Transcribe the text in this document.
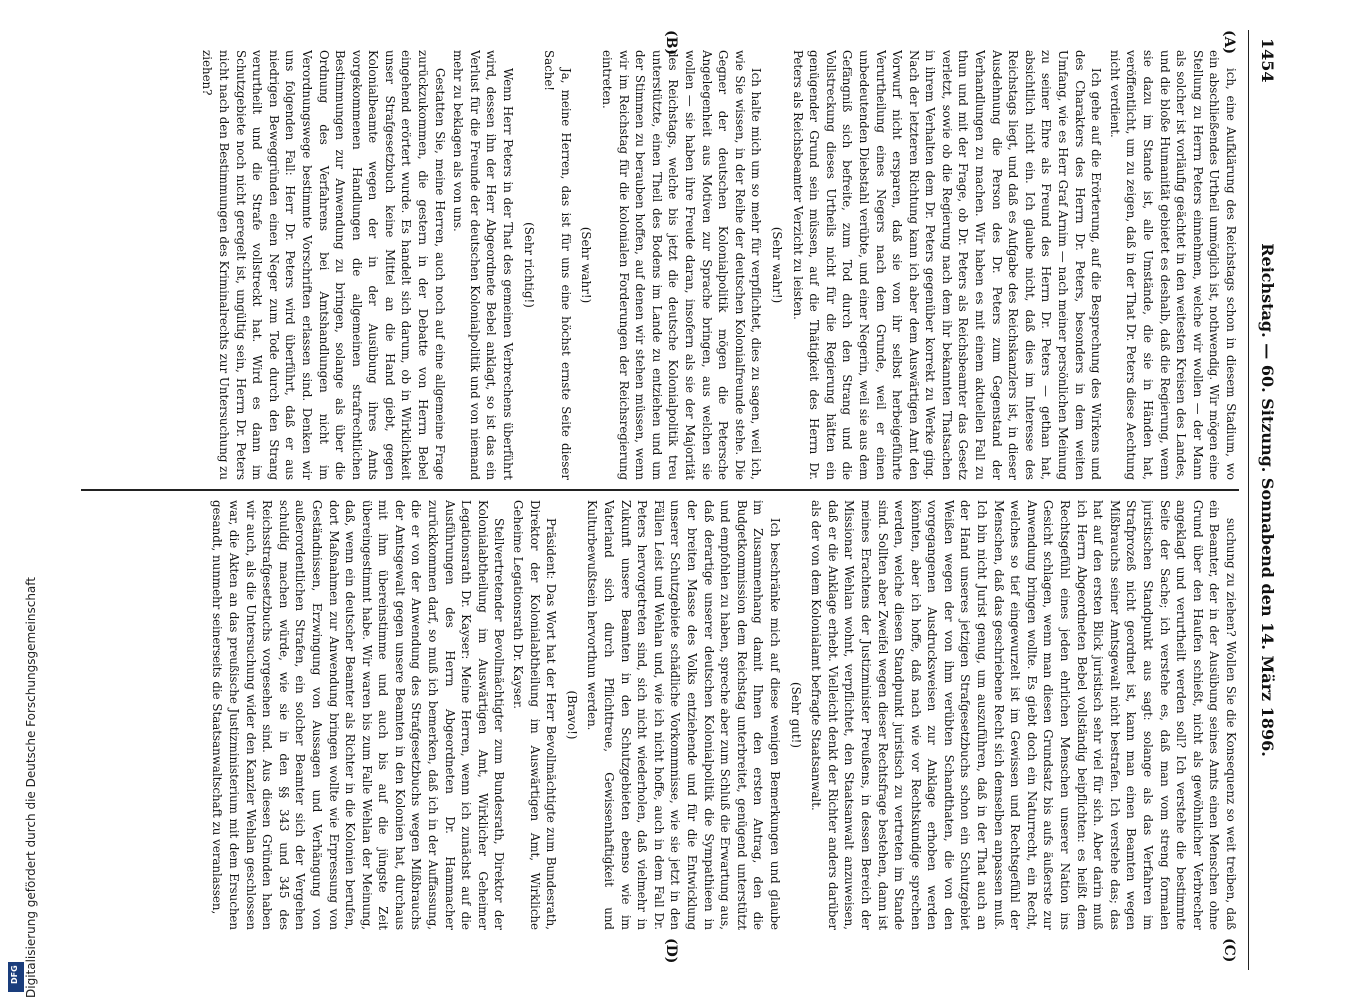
1454
Reichstag. — 60. Sitzung. Sonnabend den 14. März 1896.
(A)
(B)
(C)
(D)

ich, eine Aufklärung des Reichstags schon in diesem Stadium, wo ein abschließendes Urtheil unmöglich ist, nothwendig. Wir mögen eine Stellung zu Herrn Peters einnehmen, welche wir wollen — der Mann als solcher ist vorläufig geächtet in den weitesten Kreisen des Landes, und die bloße Humanität gebietet es deshalb, daß die Regierung, wenn sie dazu im Stande ist, alle Umstände, die sie in Händen hat, veröffentlicht, um zu zeigen, daß in der That Dr. Peters diese Aechtung nicht verdient.

Ich gehe auf die Erörterung, auf die Besprechung des Wirkens und des Charakters des Herrn Dr. Peters, besonders in dem weiten Umfang, wie es Herr Graf Arnim — nach meiner persönlichen Meinung zu seiner Ehre als Freund des Herrn Dr. Peters — gethan hat, absichtlich nicht ein. Ich glaube nicht, daß dies im Interesse des Reichstags liegt, und daß es Aufgabe des Reichskanzlers ist, in dieser Ausdehnung die Person des Dr. Peters zum Gegenstand der Verhandlungen zu machen. Wir haben es mit einem aktuellen Fall zu thun und mit der Frage, ob Dr. Peters als Reichsbeamter das Gesetz verletzt, sowie ob die Regierung nach dem ihr bekannten Thatsachen in ihrem Verhalten dem Dr. Peters gegenüber korrekt zu Werke ging. Nach der letzteren Richtung kann ich aber dem Auswärtigen Amt den Vorwurf nicht ersparen, daß sie von ihr selbst herbeigeführte Verurtheilung eines Negers nach dem Grunde, weil er einen unbedeutenden Diebstahl verübte, und einer Negerin, weil sie aus dem Gefängniß sich befreite, zum Tod durch den Strang und die Vollstreckung dieses Urtheils nicht für die Regierung hätten ein genügender Grund sein müssen, auf die Thätigkeit des Herrn Dr. Peters als Reichsbeamter Verzicht zu leisten.

(Sehr wahr!)

Ich halte mich um so mehr für verpflichtet, dies zu sagen, weil ich, wie Sie wissen, in der Reihe der deutschen Kolonialfreunde stehe. Die Gegner der deutschen Kolonialpolitik mögen die Petersche Angelegenheit aus Motiven zur Sprache bringen, aus welchen sie wollen — sie haben ihre Freude daran, insofern als sie der Majorität des Reichstags, welche bis jetzt die deutsche Kolonialpolitik treu unterstützte, einen Theil des Bodens im Lande zu entziehen und um der Stimmen zu berauben hoffen, auf denen wir stehen müssen, wenn wir im Reichstag für die kolonialen Forderungen der Reichsregierung eintreten.

(Sehr wahr!)

Ja, meine Herren, das ist für uns eine höchst ernste Seite dieser Sache!

(Sehr richtig!)

Wenn Herr Peters in der That des gemeinen Verbrechens überführt wird, dessen ihn der Herr Abgeordnete Bebel anklagt, so ist das ein Verlust für die Freunde der deutschen Kolonialpolitik und von niemand mehr zu beklagen als von uns.

Gestatten Sie, meine Herren, auch noch auf eine allgemeine Frage zurückzukommen, die gestern in der Debatte von Herrn Bebel eingehend erörtert wurde. Es handelt sich darum, ob in Wirklichkeit unser Strafgesetzbuch keine Mittel an die Hand giebt, gegen Kolonialbeamte wegen der in der Ausübung ihres Amts vorgekommenen Handlungen die allgemeinen strafrechtlichen Bestimmungen zur Anwendung zu bringen, solange als über die Ordnung des Verfahrens bei Amtshandlungen nicht im Verordnungswege bestimmte Vorschriften erlassen sind. Denken wir uns folgenden Fall: Herr Dr. Peters wird überführt, daß er aus niedrigen Beweggründen einen Neger zum Tode durch den Strang verurtheilt und die Strafe vollstreckt hat. Wird es dann im Schutzgebiete noch nicht geregelt ist, ungültig sein, Herrn Dr. Peters nicht nach den Bestimmungen des Kriminalrechts zur Untersuchung zu ziehen?

suchung zu ziehen? Wollen Sie die Konsequenz so weit treiben, daß ein Beamter, der in der Ausübung seines Amts einen Menschen ohne Grund über den Haufen schießt, nicht als gewöhnlicher Verbrecher angeklagt und verurtheilt werden soll? Ich verstehe die bestimmte Seite der Sache; ich verstehe es, daß man vom streng formalen juristischen Standpunkt aus sagt: solange als das Verfahren im Strafprozeß nicht geordnet ist, kann man einen Beamten wegen Mißbrauchs seiner Amtsgewalt nicht bestrafen. Ich verstehe das; das hat auf den ersten Blick juristisch sehr viel für sich. Aber darin muß ich Herrn Abgeordneten Bebel vollständig beipflichten: es heißt dem Rechtsgefühl eines jeden ehrlichen Menschen unserer Nation ins Gesicht schlagen, wenn man diesen Grundsatz bis aufs äußerste zur Anwendung bringen wollte. Es giebt doch ein Naturrecht, ein Recht, welches so tief eingewurzelt ist im Gewissen und Rechtsgefühl der Menschen, daß das geschriebene Recht sich demselben anpassen muß. Ich bin nicht Jurist genug, um auszuführen, daß in der That auch an der Hand unseres jetzigen Strafgesetzbuchs schon ein Schutzgebiet Weißen wegen der von ihm verübten Schandthaten, die von den vorgegangenen Ausdrucksweisen zur Anklage erhoben werden könnten, aber ich hoffe, daß nach wie vor Rechtskundige sprechen werden, welche diesen Standpunkt juristisch zu vertreten im Stande sind. Sollten aber Zweifel wegen dieser Rechtsfrage bestehen, dann ist meines Erachtens der Justizminister Preußens, in dessen Bereich der Missionar Wehlan wohnt, verpflichtet, den Staatsanwalt anzuweisen, daß er die Anklage erhebt. Vielleicht denkt der Richter anders darüber als der von dem Kolonialamt befragte Staatsanwalt.

(Sehr gut!)

Ich beschränke mich auf diese wenigen Bemerkungen und glaube im Zusammenhang damit Ihnen den ersten Antrag, den die Budgetkommission dem Reichstag unterbreitet, genügend unterstützt und empfohlen zu haben, spreche aber zum Schluß die Erwartung aus, daß derartige unserer deutschen Kolonialpolitik die Sympathieen in der breiten Masse des Volks entziehende und für die Entwicklung unserer Schutzgebiete schädliche Vorkommnisse, wie sie jetzt in den Fällen Leist und Wehlan und, wie ich nicht hoffe, auch in dem Fall Dr. Peters hervorgetreten sind, sich nicht wiederholen, daß vielmehr in Zukunft unsere Beamten in den Schutzgebieten ebenso wie im Vaterland sich durch Pflichttreue, Gewissenhaftigkeit und Kulturbewußtsein hervorthun werden.

(Bravo!)

Präsident: Das Wort hat der Herr Bevollmächtigte zum Bundesrath, Direktor der Kolonialabtheilung im Auswärtigen Amt, Wirkliche Geheime Legationsrath Dr. Kayser.

Stellvertretender Bevollmächtigter zum Bundesrath, Direktor der Kolonialabtheilung im Auswärtigen Amt, Wirklicher Geheimer Legationsrath Dr. Kayser: Meine Herren, wenn ich zunächst auf die Ausführungen des Herrn Abgeordneten Dr. Hammacher zurückkommen darf, so muß ich bemerken, daß ich in der Auffassung, die er von der Anwendung des Strafgesetzbuchs wegen Mißbrauchs der Amtsgewalt gegen unsere Beamten in den Kolonien hat, durchaus mit ihm übereinstimme und auch bis auf die jüngste Zeit übereingestimmt habe. Wir waren bis zum Falle Wehlan der Meinung, daß, wenn ein deutscher Beamter als Richter in die Kolonien berufen, dort Maßnahmen zur Anwendung bringen wollte wie Erpressung von Geständnissen, Erzwingung von Aussagen und Verhängung von außerordentlichen Strafen, ein solcher Beamter sich der Vergehen schuldig machen würde, wie sie in den §§ 343 und 345 des Reichsstrafgesetzbuchs vorgesehen sind. Aus diesen Gründen haben wir auch, als die Untersuchung wider den Kanzler Wehlan geschlossen war, die Akten an das preußische Justizministerium mit dem Ersuchen gesandt, nunmehr seinerseits die Staatsanwaltschaft zu veranlassen,

Digitalisierung gefördert durch die Deutsche Forschungsgemeinschaft
DFG
